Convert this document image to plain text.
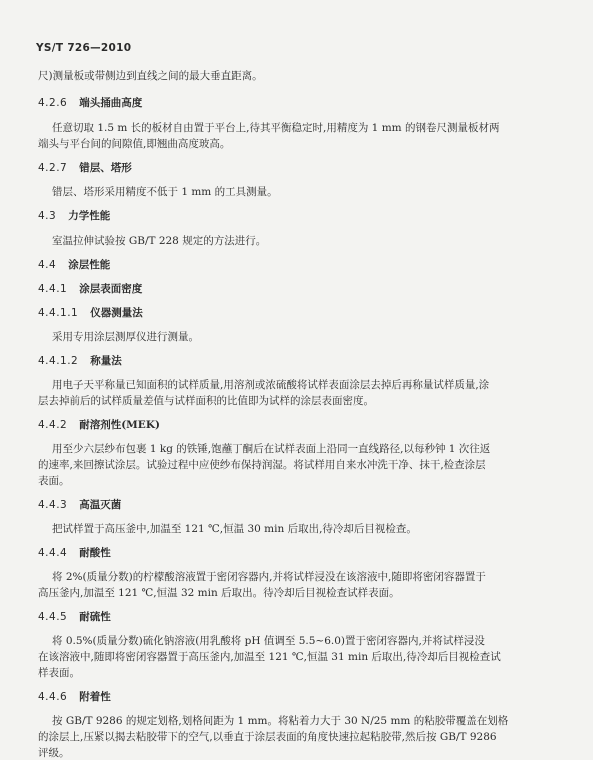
YS/T 726—2010
尺)测量板或带侧边到直线之间的最大垂直距离。
4.2.6 端头捅曲高度
任意切取 1.5 m 长的板材自由置于平台上,待其平衡稳定时,用精度为 1 mm 的钢卷尺测量板材两
端头与平台间的间隙值,即翘曲高度玻高。
4.2.7 错层、塔形
错层、塔形采用精度不低于 1 mm 的工具测量。
4.3 力学性能
室温拉伸试验按 GB/T 228 规定的方法进行。
4.4 涂层性能
4.4.1 涂层表面密度
4.4.1.1 仪器测量法
采用专用涂层测厚仪进行测量。
4.4.1.2 称量法
用电子天平称量已知面积的试样质量,用溶剂或浓硫酸将试样表面涂层去掉后再称量试样质量,涂
层去掉前后的试样质量差值与试样面积的比值即为试样的涂层表面密度。
4.4.2 耐溶剂性(MEK)
用至少六层纱布包裹 1 kg 的铁锤,饱蘸丁酮后在试样表面上沿同一直线路径,以每秒钟 1 次往返
的速率,来回擦试涂层。试验过程中应使纱布保持润湿。将试样用自来水冲洗干净、抹干,检查涂层
表面。
4.4.3 高温灭菌
把试样置于高压釜中,加温至 121 ℃,恒温 30 min 后取出,待冷却后目视检查。
4.4.4 耐酸性
将 2%(质量分数)的柠檬酸溶液置于密闭容器内,并将试样浸没在该溶液中,随即将密闭容器置于
高压釜内,加温至 121 ℃,恒温 32 min 后取出。待冷却后目视检查试样表面。
4.4.5 耐硫性
将 0.5%(质量分数)硫化钠溶液(用乳酸将 pH 值调至 5.5~6.0)置于密闭容器内,并将试样浸没
在该溶液中,随即将密闭容器置于高压釜内,加温至 121 ℃,恒温 31 min 后取出,待冷却后目视检查试
样表面。
4.4.6 附着性
按 GB/T 9286 的规定划格,划格间距为 1 mm。将粘着力大于 30 N/25 mm 的粘胶带覆盖在划格
的涂层上,压紧以揭去粘胶带下的空气,以垂直于涂层表面的角度快速拉起粘胶带,然后按 GB/T 9286
评级。
